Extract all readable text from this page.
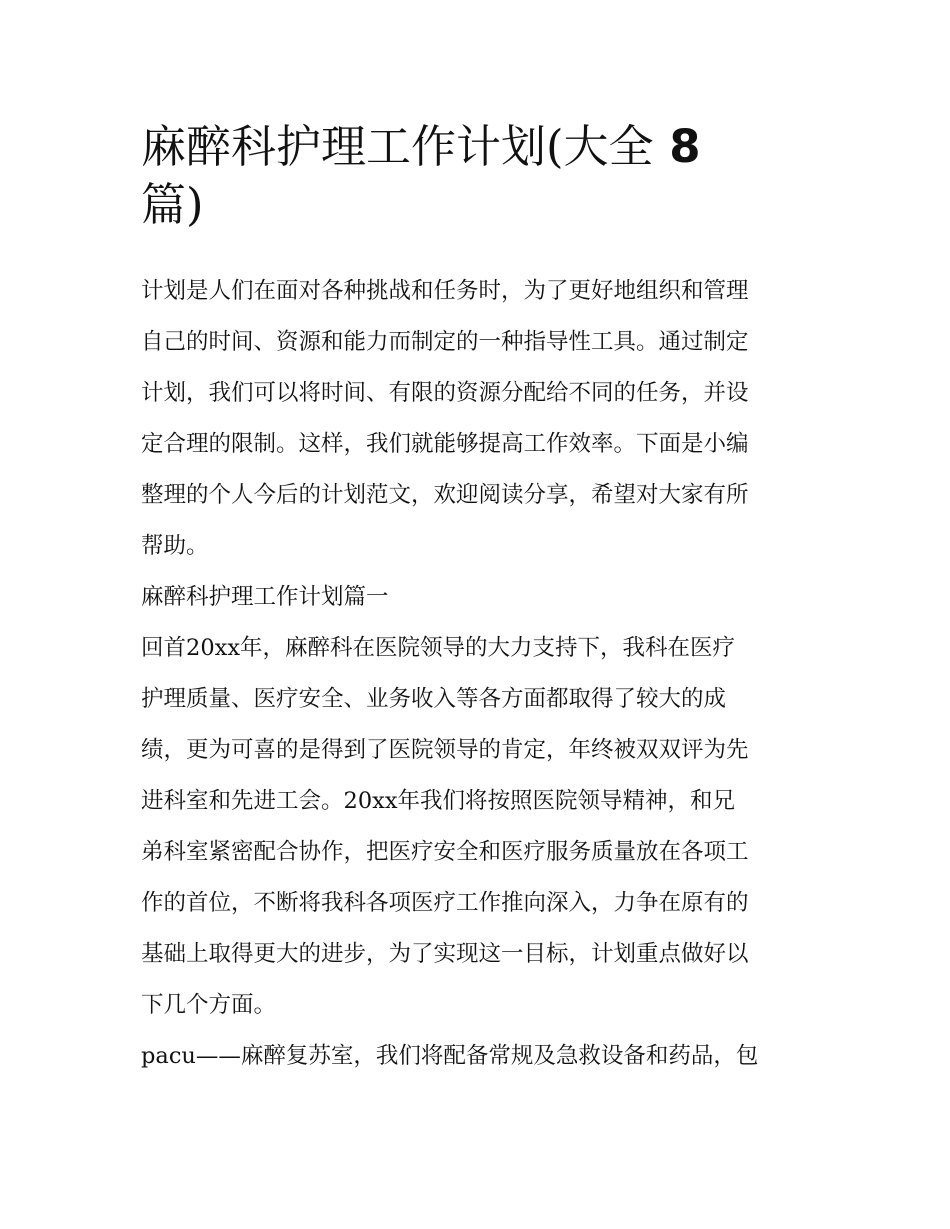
麻醉科护理工作计划(大全 8
篇)
计划是人们在面对各种挑战和任务时，为了更好地组织和管理
自己的时间、资源和能力而制定的一种指导性工具。通过制定
计划，我们可以将时间、有限的资源分配给不同的任务，并设
定合理的限制。这样，我们就能够提高工作效率。下面是小编
整理的个人今后的计划范文，欢迎阅读分享，希望对大家有所
帮助。
麻醉科护理工作计划篇一
回首20xx年，麻醉科在医院领导的大力支持下，我科在医疗
护理质量、医疗安全、业务收入等各方面都取得了较大的成
绩，更为可喜的是得到了医院领导的肯定，年终被双双评为先
进科室和先进工会。20xx年我们将按照医院领导精神，和兄
弟科室紧密配合协作，把医疗安全和医疗服务质量放在各项工
作的首位，不断将我科各项医疗工作推向深入，力争在原有的
基础上取得更大的进步，为了实现这一目标，计划重点做好以
下几个方面。
pacu——麻醉复苏室，我们将配备常规及急救设备和药品，包
